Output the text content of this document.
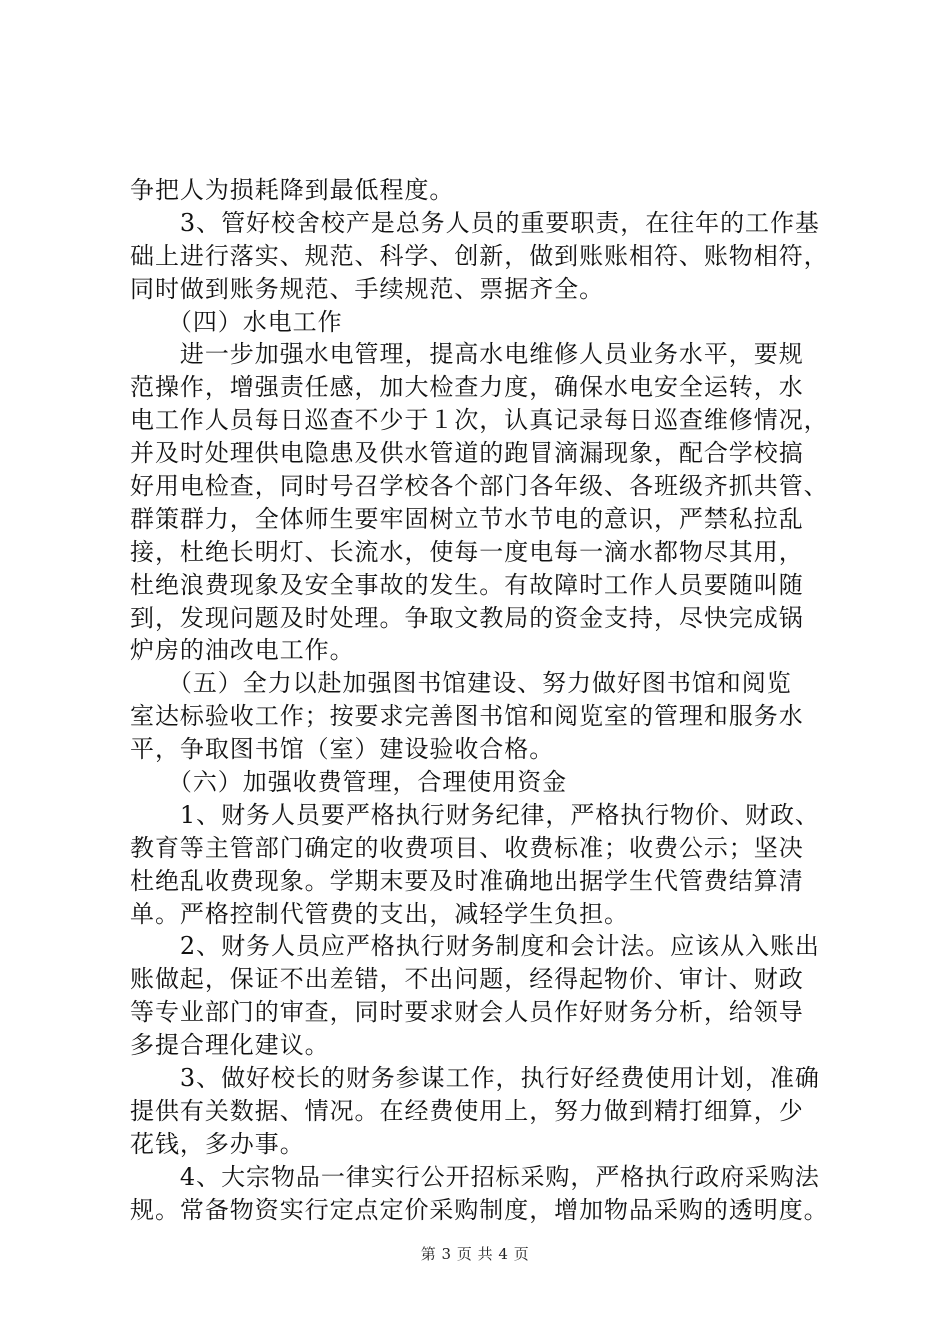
争把人为损耗降到最低程度。
　　3、管好校舍校产是总务人员的重要职责，在往年的工作基
础上进行落实、规范、科学、创新，做到账账相符、账物相符，
同时做到账务规范、手续规范、票据齐全。
　　（四）水电工作
　　进一步加强水电管理，提高水电维修人员业务水平，要规
范操作，增强责任感，加大检查力度，确保水电安全运转，水
电工作人员每日巡查不少于１次，认真记录每日巡查维修情况，
并及时处理供电隐患及供水管道的跑冒滴漏现象，配合学校搞
好用电检查，同时号召学校各个部门各年级、各班级齐抓共管、
群策群力，全体师生要牢固树立节水节电的意识，严禁私拉乱
接，杜绝长明灯、长流水，使每一度电每一滴水都物尽其用，
杜绝浪费现象及安全事故的发生。有故障时工作人员要随叫随
到，发现问题及时处理。争取文教局的资金支持，尽快完成锅
炉房的油改电工作。
　　（五）全力以赴加强图书馆建设、努力做好图书馆和阅览
室达标验收工作；按要求完善图书馆和阅览室的管理和服务水
平，争取图书馆（室）建设验收合格。
　　（六）加强收费管理，合理使用资金
　　1、财务人员要严格执行财务纪律，严格执行物价、财政、
教育等主管部门确定的收费项目、收费标准；收费公示；坚决
杜绝乱收费现象。学期末要及时准确地出据学生代管费结算清
单。严格控制代管费的支出，减轻学生负担。
　　2、财务人员应严格执行财务制度和会计法。应该从入账出
账做起，保证不出差错，不出问题，经得起物价、审计、财政
等专业部门的审查，同时要求财会人员作好财务分析，给领导
多提合理化建议。
　　3、做好校长的财务参谋工作，执行好经费使用计划，准确
提供有关数据、情况。在经费使用上，努力做到精打细算，少
花钱，多办事。
　　4、大宗物品一律实行公开招标采购，严格执行政府采购法
规。常备物资实行定点定价采购制度，增加物品采购的透明度。
第 3 页 共 4 页
